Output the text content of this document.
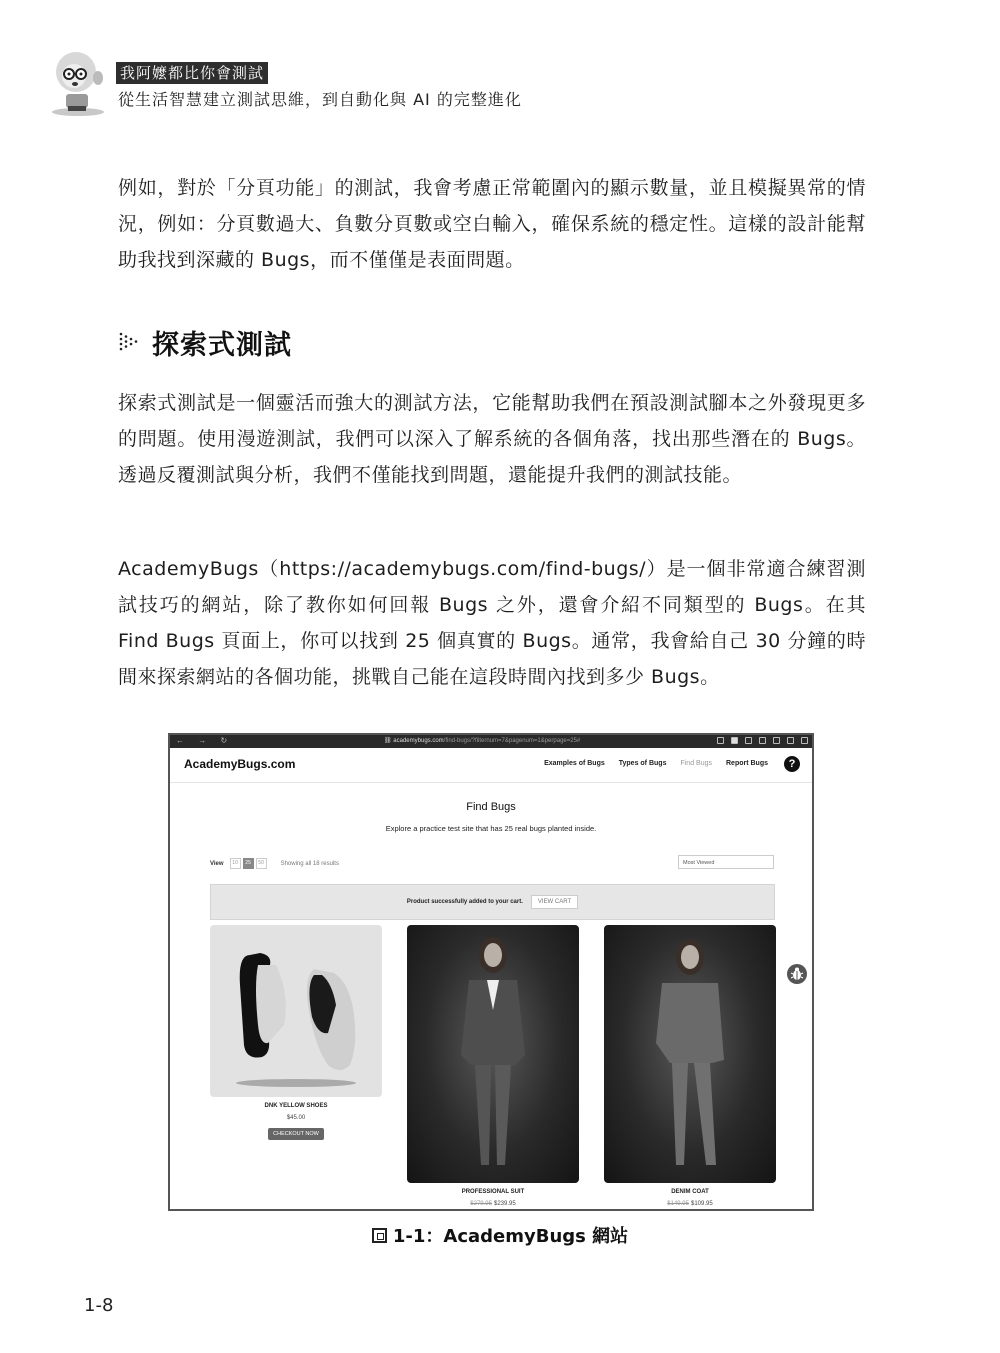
我阿嬤都比你會測試
從生活智慧建立測試思維，到自動化與 AI 的完整進化

例如，對於「分頁功能」的測試，我會考慮正常範圍內的顯示數量，並且模擬異常的情況，例如：分頁數過大、負數分頁數或空白輸入，確保系統的穩定性。這樣的設計能幫助我找到深藏的 Bugs，而不僅僅是表面問題。

探索式測試

探索式測試是一個靈活而強大的測試方法，它能幫助我們在預設測試腳本之外發現更多的問題。使用漫遊測試，我們可以深入了解系統的各個角落，找出那些潛在的 Bugs。透過反覆測試與分析，我們不僅能找到問題，還能提升我們的測試技能。

AcademyBugs（https://academybugs.com/find-bugs/）是一個非常適合練習測試技巧的網站，除了教你如何回報 Bugs 之外，還會介紹不同類型的 Bugs。在其 Find Bugs 頁面上，你可以找到 25 個真實的 Bugs。通常，我會給自己 30 分鐘的時間來探索網站的各個功能，挑戰自己能在這段時間內找到多少 Bugs。

← → ↻	⛓ academybugs.com/find-bugs/?filternum=7&pagenum=1&perpage=25#
AcademyBugs.com	Examples of Bugs Types of Bugs Find Bugs Report Bugs	?
Find Bugs
Explore a practice test site that has 25 real bugs planted inside.
View	10	25	50	Showing all 18 results	Most Viewed
Product successfully added to your cart.	VIEW CART
DNK YELLOW SHOES
$45.00
CHECKOUT NOW
PROFESSIONAL SUIT
$279.95 $239.95
DENIM COAT
$149.95 $109.95
1-1：AcademyBugs 網站
1-8
